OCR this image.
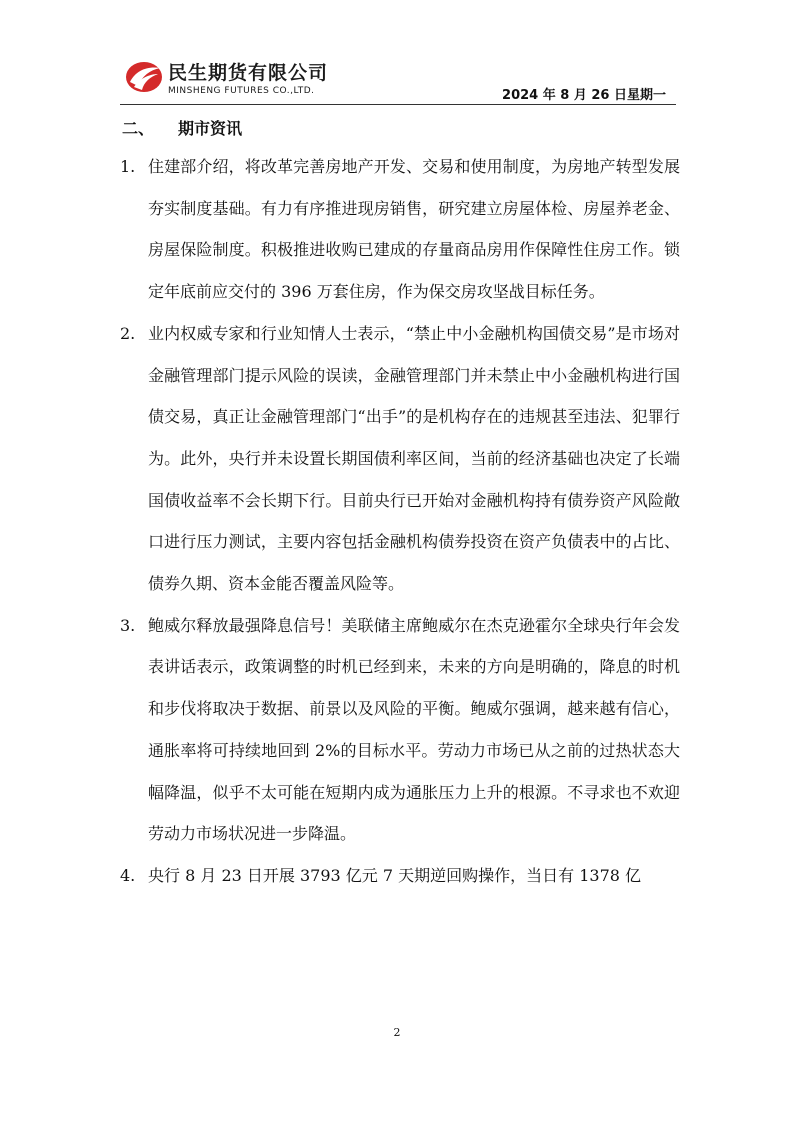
民生期货有限公司
MINSHENG FUTURES CO.,LTD.	2024 年 8 月 26 日星期一
二、 期市资讯
1. 住建部介绍，将改革完善房地产开发、交易和使用制度，为房地产转型发展夯实制度基础。有力有序推进现房销售，研究建立房屋体检、房屋养老金、房屋保险制度。积极推进收购已建成的存量商品房用作保障性住房工作。锁定年底前应交付的 396 万套住房，作为保交房攻坚战目标任务。
2. 业内权威专家和行业知情人士表示，“禁止中小金融机构国债交易”是市场对金融管理部门提示风险的误读，金融管理部门并未禁止中小金融机构进行国债交易，真正让金融管理部门“出手”的是机构存在的违规甚至违法、犯罪行为。此外，央行并未设置长期国债利率区间，当前的经济基础也决定了长端国债收益率不会长期下行。目前央行已开始对金融机构持有债券资产风险敞口进行压力测试，主要内容包括金融机构债券投资在资产负债表中的占比、债券久期、资本金能否覆盖风险等。
3. 鲍威尔释放最强降息信号！美联储主席鲍威尔在杰克逊霍尔全球央行年会发表讲话表示，政策调整的时机已经到来，未来的方向是明确的，降息的时机和步伐将取决于数据、前景以及风险的平衡。鲍威尔强调，越来越有信心，通胀率将可持续地回到 2%的目标水平。劳动力市场已从之前的过热状态大幅降温，似乎不太可能在短期内成为通胀压力上升的根源。不寻求也不欢迎劳动力市场状况进一步降温。
4. 央行 8 月 23 日开展 3793 亿元 7 天期逆回购操作，当日有 1378 亿
2
